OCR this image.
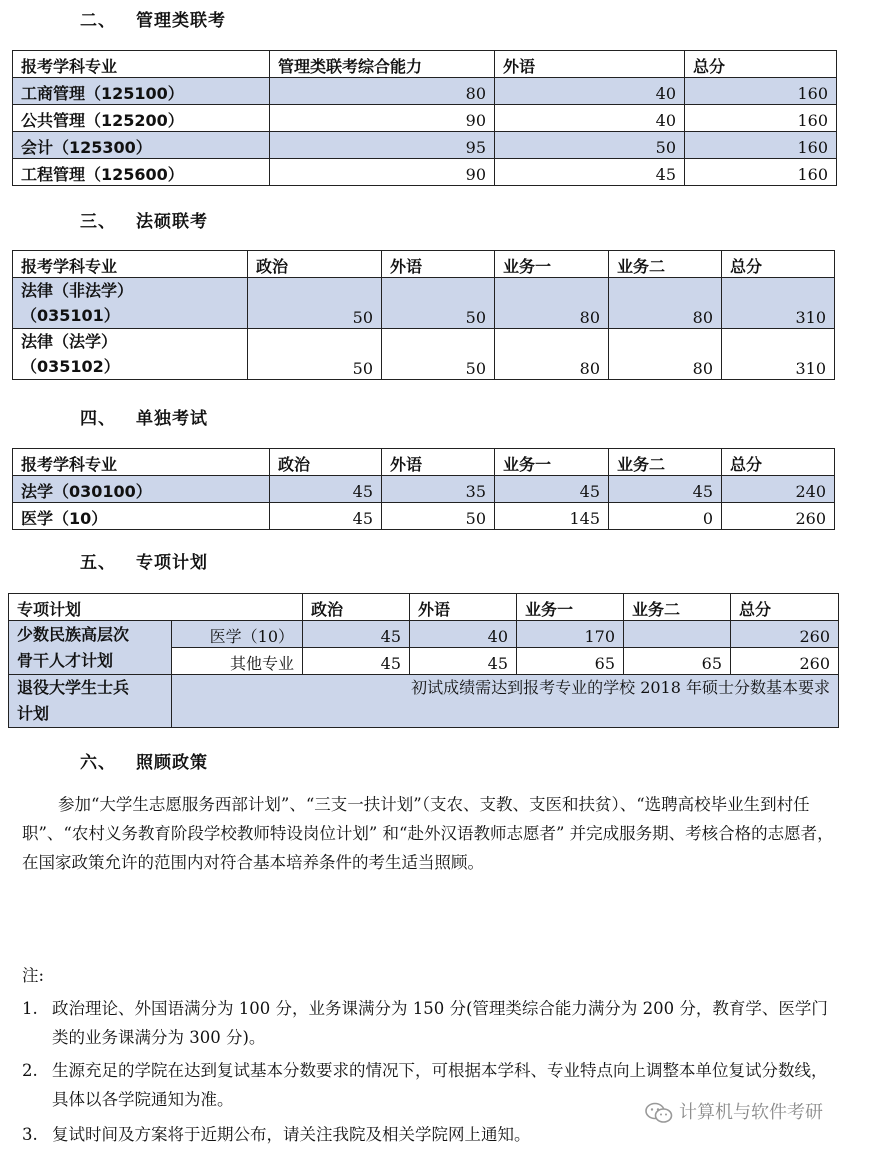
二、 管理类联考
报考学科专业	管理类联考综合能力	外语	总分
工商管理（125100）	80	40	160
公共管理（125200）	90	40	160
会计（125300）	95	50	160
工程管理（125600）	90	45	160
三、 法硕联考
报考学科专业	政治	外语	业务一	业务二	总分

法律（非法学）
（035101）	50	50	80	80	310

法律（法学）
（035102）	50	50	80	80	310
四、 单独考试
报考学科专业	政治	外语	业务一	业务二	总分
法学（030100）	45	35	45	45	240
医学（10）	45	50	145	0	260
五、 专项计划
专项计划		政治	外语	业务一	业务二	总分

少数民族高层次
骨干人才计划	医学（10）	45	40	170		260
	其他专业	45	45	65	65	260

退役大学生士兵
计划	初试成绩需达到报考专业的学校 2018 年硕士分数基本要求					
六、 照顾政策

参加“大学生志愿服务西部计划”、“三支一扶计划”（支农、支教、支医和扶贫）、“选聘高校毕业生到村任职”、“农村义务教育阶段学校教师特设岗位计划” 和“赴外汉语教师志愿者” 并完成服务期、考核合格的志愿者，在国家政策允许的范围内对符合基本培养条件的考生适当照顾。

注:
1. 政治理论、外国语满分为 100 分，业务课满分为 150 分(管理类综合能力满分为 200 分，教育学、医学门类的业务课满分为 300 分)。
2. 生源充足的学院在达到复试基本分数要求的情况下，可根据本学科、专业特点向上调整本单位复试分数线，具体以各学院通知为准。
3. 复试时间及方案将于近期公布，请关注我院及相关学院网上通知。
计算机与软件考研
